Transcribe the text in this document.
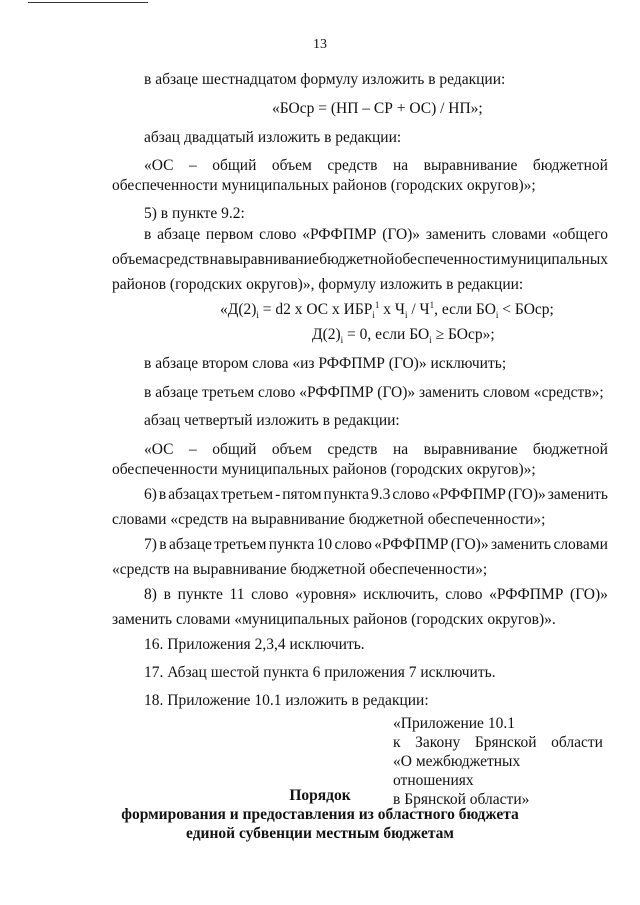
13
в абзаце шестнадцатом формулу изложить в редакции:
«БОср = (НП – СР + ОС) / НП»;
абзац двадцатый изложить в редакции:
«ОС – общий объем средств на выравнивание бюджетной
обеспеченности муниципальных районов (городских округов)»;
5) в пункте 9.2:
в абзаце первом слово «РФФПМР (ГО)» заменить словами «общего
объема средств на выравнивание бюджетной обеспеченности муниципальных
районов (городских округов)», формулу изложить в редакции:
«$Д(2)_i = d2$ x ОС x $ИБР_i^1$ x $Ч_i / Ч^1$, если $БО_i$ < БОср;
$Д(2)_i = 0$, если $БО_i$ ≥ БОср»;
в абзаце втором слова «из РФФПМР (ГО)» исключить;
в абзаце третьем слово «РФФПМР (ГО)» заменить словом «средств»;
абзац четвертый изложить в редакции:
«ОС – общий объем средств на выравнивание бюджетной
обеспеченности муниципальных районов (городских округов)»;
6) в абзацах третьем - пятом пункта 9.3 слово «РФФПМР (ГО)» заменить
словами «средств на выравнивание бюджетной обеспеченности»;
7) в абзаце третьем пункта 10 слово «РФФПМР (ГО)» заменить словами
«средств на выравнивание бюджетной обеспеченности»;
8) в пункте 11 слово «уровня» исключить, слово «РФФПМР (ГО)»
заменить словами «муниципальных районов (городских округов)».
16. Приложения 2,3,4 исключить.
17. Абзац шестой пункта 6 приложения 7 исключить.
18. Приложение 10.1 изложить в редакции:
«Приложение 10.1
к Закону Брянской области
«О межбюджетных отношениях
в Брянской области»
Порядок
формирования и предоставления из областного бюджета
единой субвенции местным бюджетам
